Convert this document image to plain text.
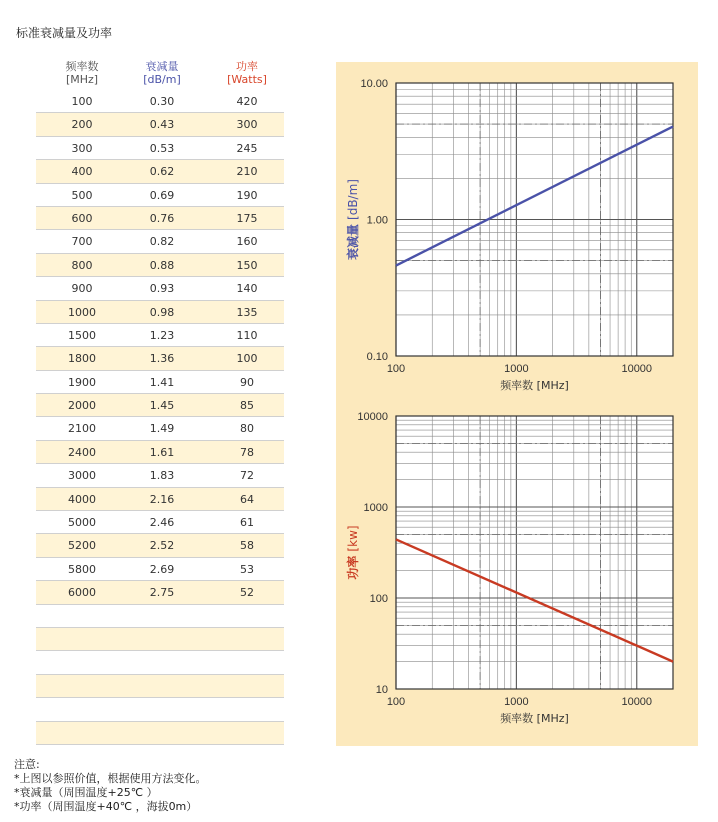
标准衰减量及功率
频率数
[MHz]
衰减量
[dB/m]
功率
[Watts]
100	0.30	420
200	0.43	300
300	0.53	245
400	0.62	210
500	0.69	190
600	0.76	175
700	0.82	160
800	0.88	150
900	0.93	140
1000	0.98	135
1500	1.23	110
1800	1.36	100
1900	1.41	90
2000	1.45	85
2100	1.49	80
2400	1.61	78
3000	1.83	72
4000	2.16	64
5000	2.46	61
5200	2.52	58
5800	2.69	53
6000	2.75	52
100	1000	10000
0.10
1.00
10.00
频率数 [MHz]
衰减量[dB/m]
100	1000	10000
10
100
1000
10000
频率数 [MHz]
功率[kw]
注意:
*上图以参照价值，根据使用方法变化。
*衰减量（周围温度+25℃ ）
*功率（周围温度+40℃ ，海拔0m）
